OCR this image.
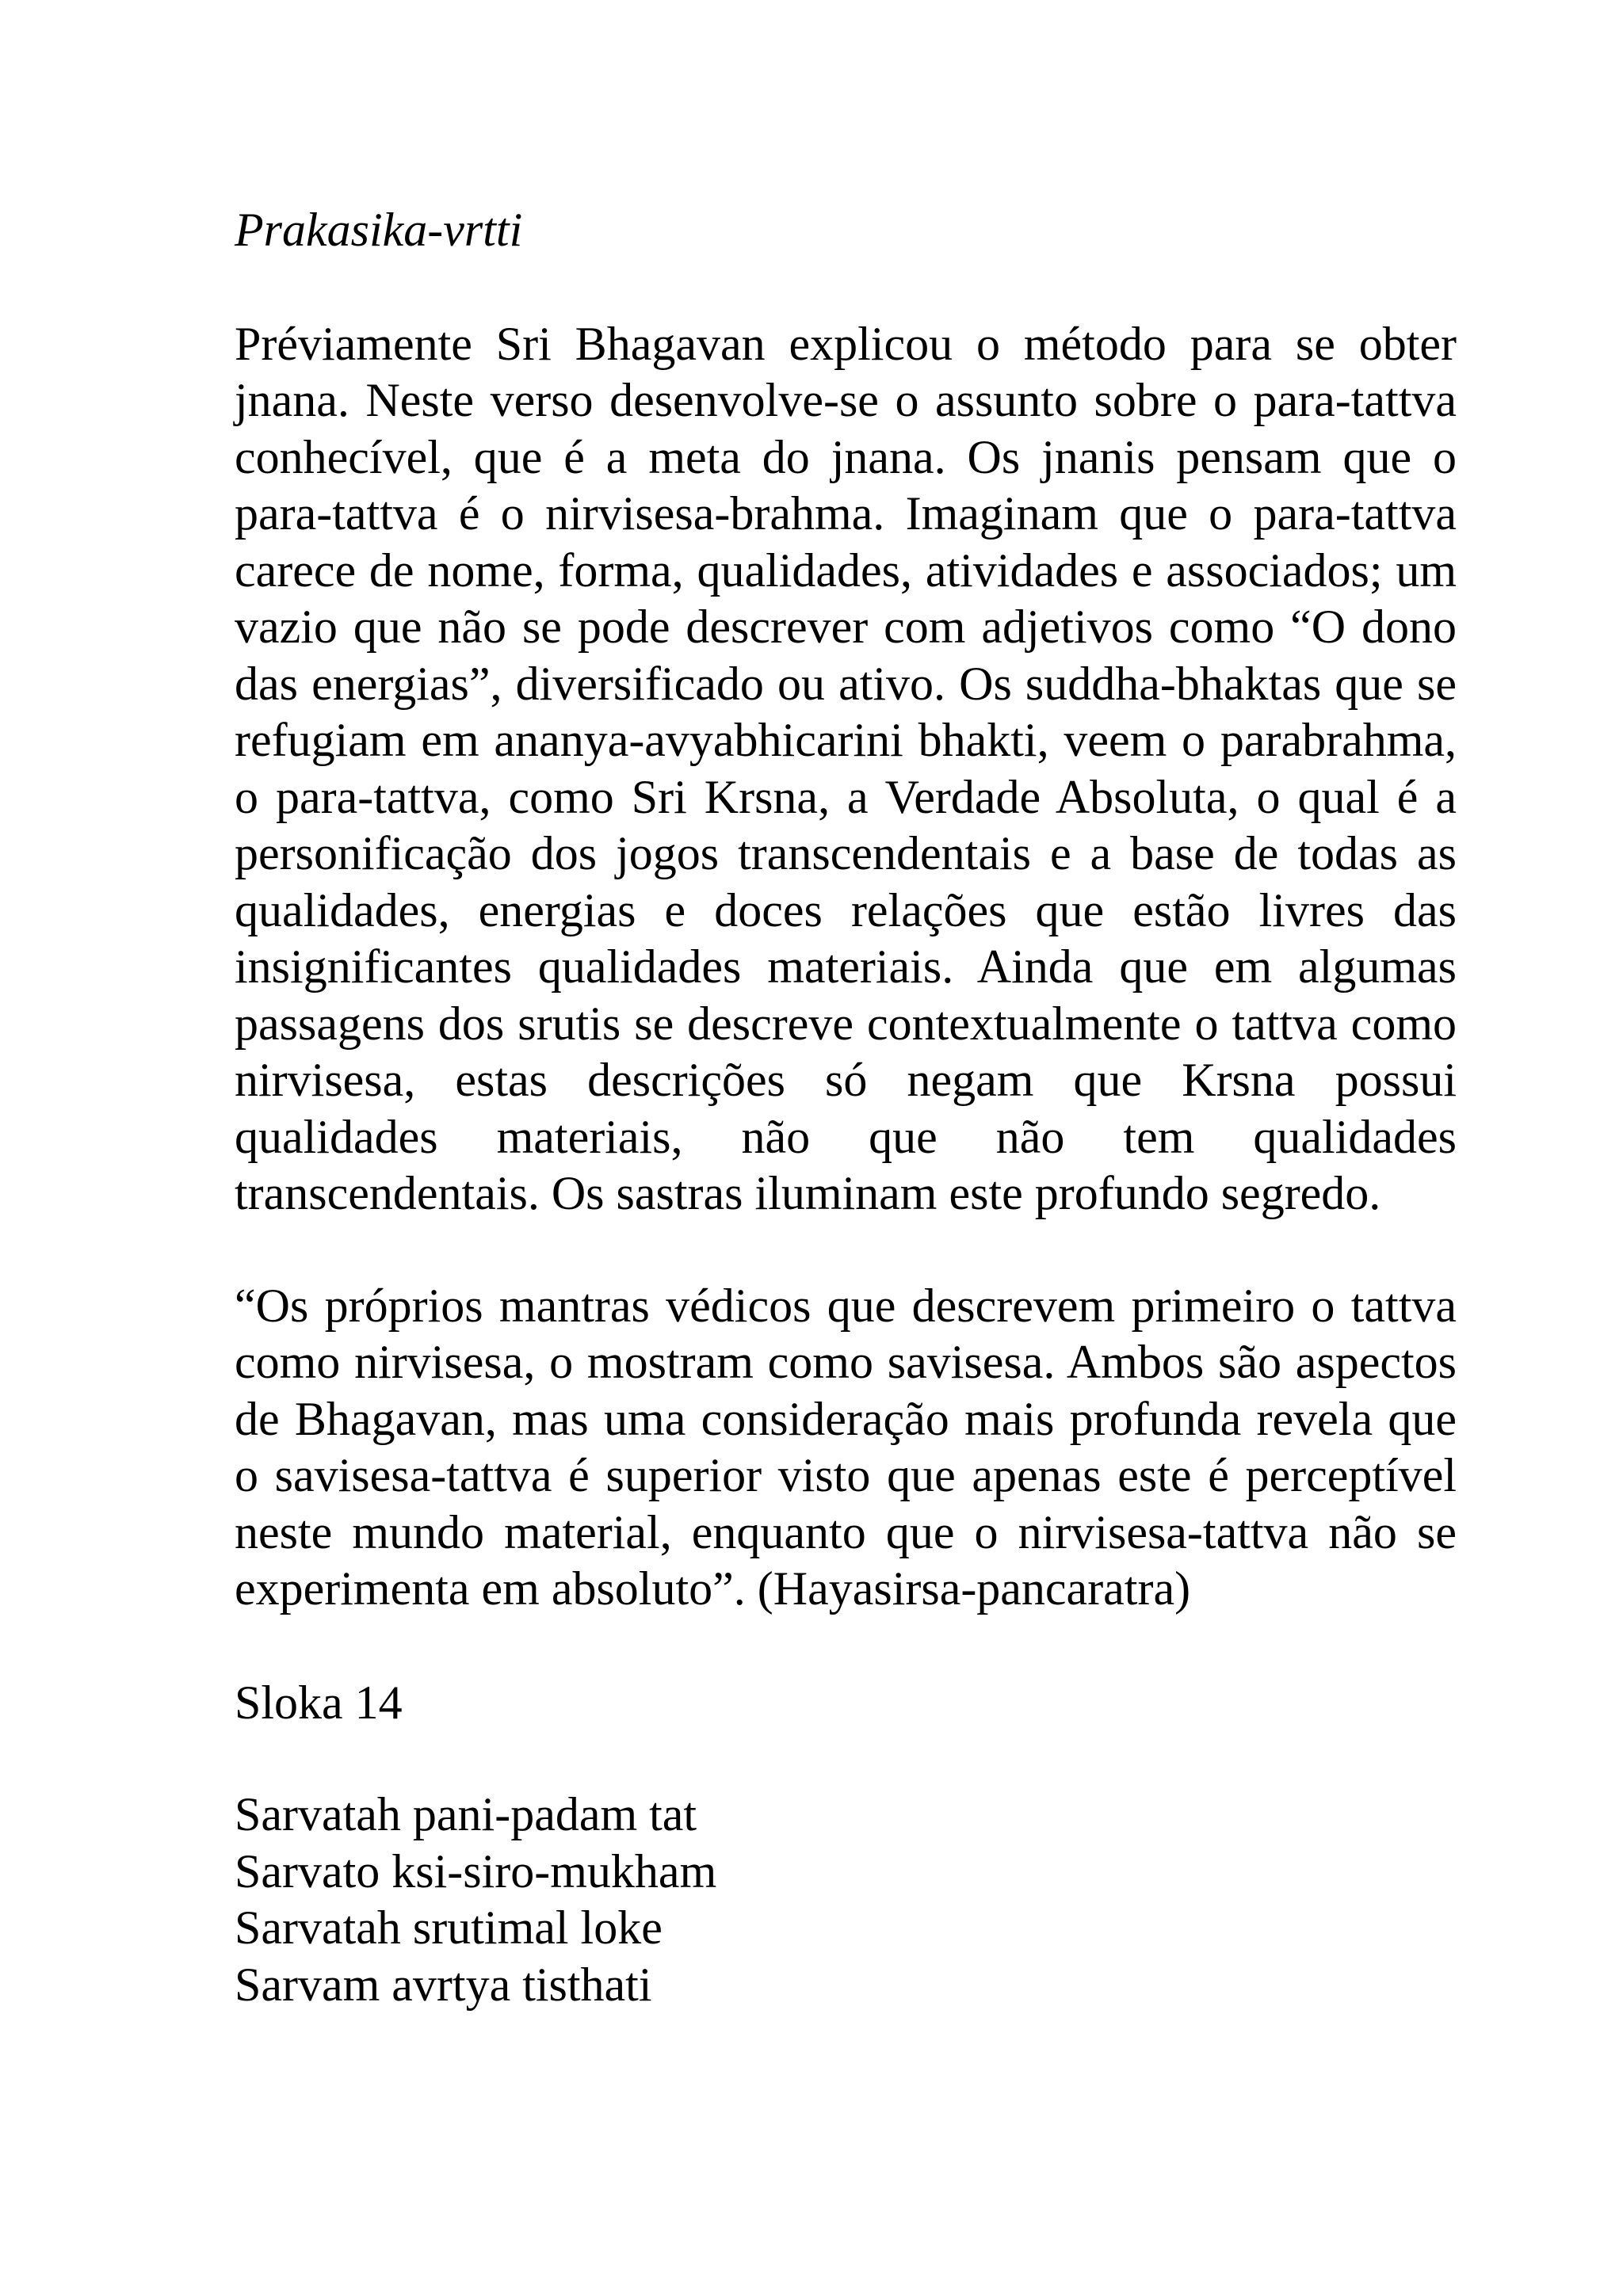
Prakasika-vrtti

Préviamente Sri Bhagavan explicou o método para se obter jnana. Neste verso desenvolve-se o assunto sobre o para-tattva conhecível, que é a meta do jnana. Os jnanis pensam que o para-tattva é o nirvisesa-brahma. Imaginam que o para-tattva carece de nome, forma, qualidades, atividades e associados; um vazio que não se pode descrever com adjetivos como “O dono das energias”, diversificado ou ativo. Os suddha-bhaktas que se refugiam em ananya-avyabhicarini bhakti, veem o parabrahma, o para-tattva, como Sri Krsna, a Verdade Absoluta, o qual é a personificação dos jogos transcendentais e a base de todas as qualidades, energias e doces relações que estão livres das insignificantes qualidades materiais. Ainda que em algumas passagens dos srutis se descreve contextualmente o tattva como nirvisesa, estas descrições só negam que Krsna possui qualidades materiais, não que não tem qualidades transcendentais. Os sastras iluminam este profundo segredo.

“Os próprios mantras védicos que descrevem primeiro o tattva como nirvisesa, o mostram como savisesa. Ambos são aspectos de Bhagavan, mas uma consideração mais profunda revela que o savisesa-tattva é superior visto que apenas este é perceptível neste mundo material, enquanto que o nirvisesa-tattva não se experimenta em absoluto”. (Hayasirsa-pancaratra)

Sloka 14

Sarvatah pani-padam tat
Sarvato ksi-siro-mukham
Sarvatah srutimal loke
Sarvam avrtya tisthati
